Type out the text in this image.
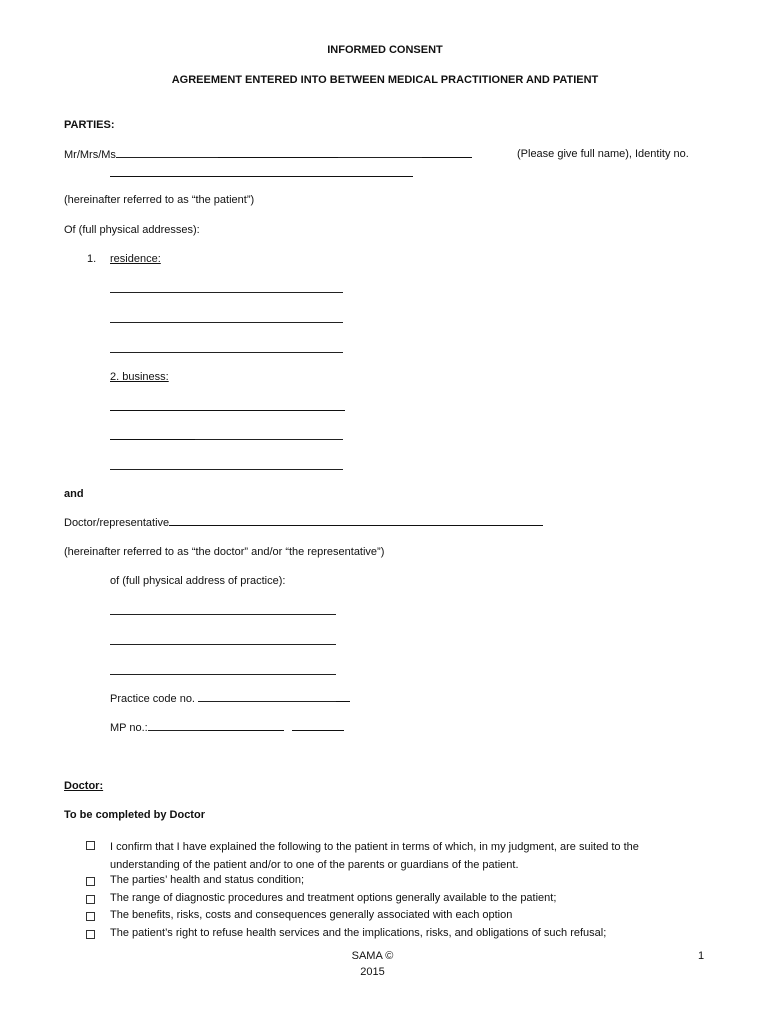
INFORMED CONSENT
AGREEMENT ENTERED INTO BETWEEN MEDICAL PRACTITIONER AND PATIENT
PARTIES:
Mr/Mrs/Ms	(Please give full name), Identity no.
(hereinafter referred to as “the patient”)
Of (full physical addresses):
1. residence:
2. business:
and
Doctor/representative
(hereinafter referred to as “the doctor” and/or “the representative”)
of (full physical address of practice):
Practice code no.
MP no.:
Doctor:
To be completed by Doctor
I confirm that I have explained the following to the patient in terms of which, in my judgment, are suited to the understanding of the patient and/or to one of the parents or guardians of the patient.
The parties’ health and status condition;
The range of diagnostic procedures and treatment options generally available to the patient;
The benefits, risks, costs and consequences generally associated with each option
The patient’s right to refuse health services and the implications, risks, and obligations of such refusal;
SAMA ©
2015
1
